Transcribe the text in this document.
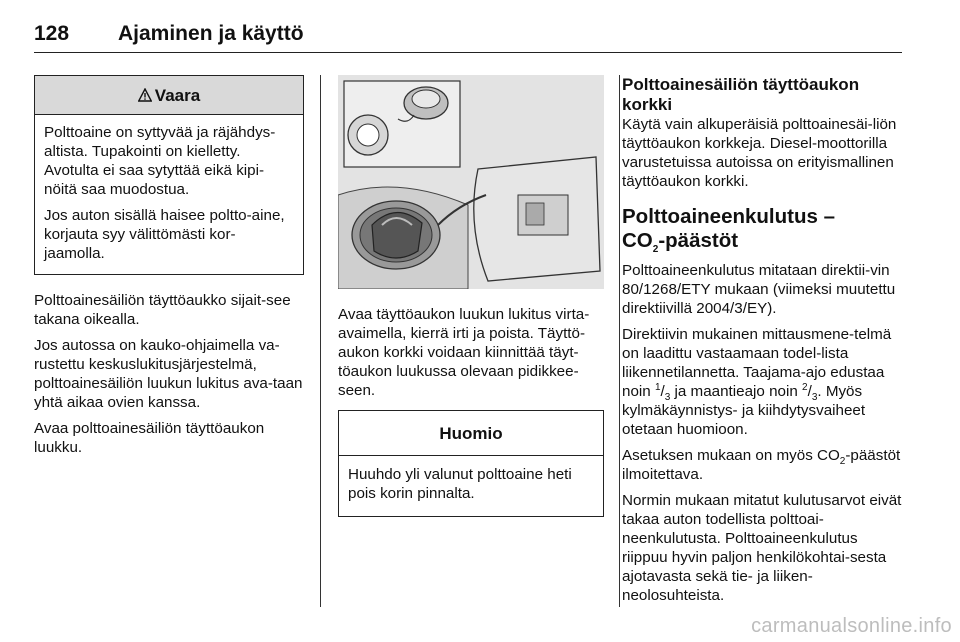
128 Ajaminen ja käyttö
Vaara

Polttoaine on syttyvää ja räjähdys-altista. Tupakointi on kielletty. Avotulta ei saa sytyttää eikä kipi-nöitä saa muodostua.

Jos auton sisällä haisee poltto-aine, korjauta syy välittömästi kor-jaamolla.

Polttoainesäiliön täyttöaukko sijait-see takana oikealla.

Jos autossa on kauko-ohjaimella va-rustettu keskuslukitusjärjestelmä, polttoainesäiliön luukun lukitus ava-taan yhtä aikaa ovien kanssa.

Avaa polttoainesäiliön täyttöaukon luukku.

Avaa täyttöaukon luukun lukitus virta-avaimella, kierrä irti ja poista. Täyttö-aukon korkki voidaan kiinnittää täyt-töaukon luukussa olevaan pidikkee-seen.

Huomio

Huuhdo yli valunut polttoaine heti pois korin pinnalta.

Polttoainesäiliön täyttöaukon korkki

Käytä vain alkuperäisiä polttoainesäi-liön täyttöaukon korkkeja. Diesel-moottorilla varustetuissa autoissa on erityismallinen täyttöaukon korkki.

Polttoaineenkulutus –
$CO_2$-päästöt

Polttoaineenkulutus mitataan direktii-vin 80/1268/ETY mukaan (viimeksi muutettu direktiivillä 2004/3/EY).

Direktiivin mukainen mittausmene-telmä on laadittu vastaamaan todel-lista liikennetilannetta. Taajama-ajo edustaa noin $^1/_3$ ja maantieajo noin $^2/_3$. Myös kylmäkäynnistys- ja kiihdytysvaiheet otetaan huomioon.

Asetuksen mukaan on myös $CO_2$-päästöt ilmoitettava.

Normin mukaan mitatut kulutusarvot eivät takaa auton todellista polttoai-neenkulutusta. Polttoaineenkulutus riippuu hyvin paljon henkilökohtai-sesta ajotavasta sekä tie- ja liiken-neolosuhteista.

carmanualsonline.info
